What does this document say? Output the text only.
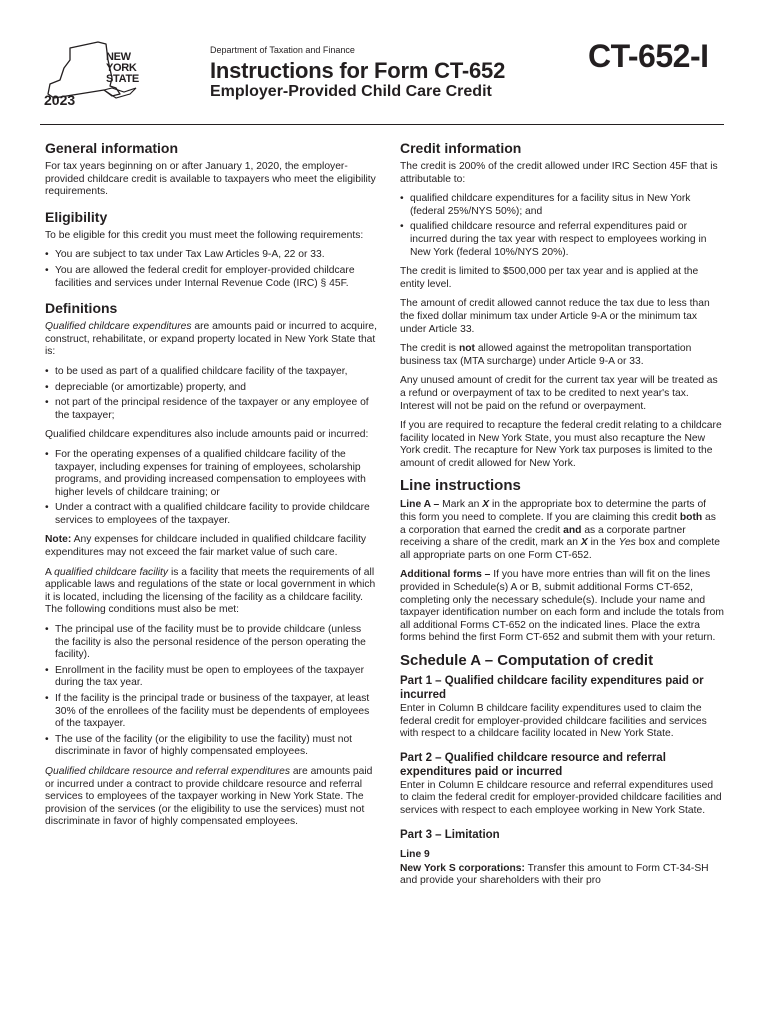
NEW
YORK
STATE
2023
Department of Taxation and Finance
Instructions for Form CT-652
Employer-Provided Child Care Credit
CT-652-I
General information

For tax years beginning on or after January 1, 2020, the employer-provided childcare credit is available to taxpayers who meet the eligibility requirements.

Eligibility

To be eligible for this credit you must meet the following requirements:

• You are subject to tax under Tax Law Articles 9-A, 22 or 33.
• You are allowed the federal credit for employer-provided childcare facilities and services under Internal Revenue Code (IRC) § 45F.
Definitions

Qualified childcare expenditures are amounts paid or incurred to acquire, construct, rehabilitate, or expand property located in New York State that is:

• to be used as part of a qualified childcare facility of the taxpayer,
• depreciable (or amortizable) property, and
• not part of the principal residence of the taxpayer or any employee of the taxpayer;

Qualified childcare expenditures also include amounts paid or incurred:

• For the operating expenses of a qualified childcare facility of the taxpayer, including expenses for training of employees, scholarship programs, and providing increased compensation to employees with higher levels of childcare training; or
• Under a contract with a qualified childcare facility to provide childcare services to employees of the taxpayer.

Note: Any expenses for childcare included in qualified childcare facility expenditures may not exceed the fair market value of such care.

A qualified childcare facility is a facility that meets the requirements of all applicable laws and regulations of the state or local government in which it is located, including the licensing of the facility as a childcare facility. The following conditions must also be met:

• The principal use of the facility must be to provide childcare (unless the facility is also the personal residence of the person operating the facility).
• Enrollment in the facility must be open to employees of the taxpayer during the tax year.
• If the facility is the principal trade or business of the taxpayer, at least 30% of the enrollees of the facility must be dependents of employees of the taxpayer.
• The use of the facility (or the eligibility to use the facility) must not discriminate in favor of highly compensated employees.

Qualified childcare resource and referral expenditures are amounts paid or incurred under a contract to provide childcare resource and referral services to employees of the taxpayer working in New York State. The provision of the services (or the eligibility to use the services) must not discriminate in favor of highly compensated employees.

Credit information

The credit is 200% of the credit allowed under IRC Section 45F that is attributable to:

• qualified childcare expenditures for a facility situs in New York (federal 25%/NYS 50%); and
• qualified childcare resource and referral expenditures paid or incurred during the tax year with respect to employees working in New York (federal 10%/NYS 20%).

The credit is limited to $500,000 per tax year and is applied at the entity level.

The amount of credit allowed cannot reduce the tax due to less than the fixed dollar minimum tax under Article 9-A or the minimum tax under Article 33.

The credit is not allowed against the metropolitan transportation business tax (MTA surcharge) under Article 9-A or 33.

Any unused amount of credit for the current tax year will be treated as a refund or overpayment of tax to be credited to next year's tax. Interest will not be paid on the refund or overpayment.

If you are required to recapture the federal credit relating to a childcare facility located in New York State, you must also recapture the New York credit. The recapture for New York tax purposes is limited to the amount of credit allowed for New York.

Line instructions

Line A – Mark an X in the appropriate box to determine the parts of this form you need to complete. If you are claiming this credit both as a corporation that earned the credit and as a corporate partner receiving a share of the credit, mark an X in the Yes box and complete all appropriate parts on one Form CT-652.

Additional forms – If you have more entries than will fit on the lines provided in Schedule(s) A or B, submit additional Forms CT-652, completing only the necessary schedule(s). Include your name and taxpayer identification number on each form and include the totals from all additional Forms CT-652 on the indicated lines. Place the extra forms behind the first Form CT-652 and submit them with your return.

Schedule A – Computation of credit
Part 1 – Qualified childcare facility expenditures paid or incurred

Enter in Column B childcare facility expenditures used to claim the federal credit for employer-provided childcare facilities and services with respect to a childcare facility located in New York State.

Part 2 – Qualified childcare resource and referral expenditures paid or incurred

Enter in Column E childcare resource and referral expenditures used to claim the federal credit for employer-provided childcare facilities and services with respect to each employee working in New York State.

Part 3 – Limitation
Line 9

New York S corporations: Transfer this amount to Form CT-34-SH and provide your shareholders with their pro
